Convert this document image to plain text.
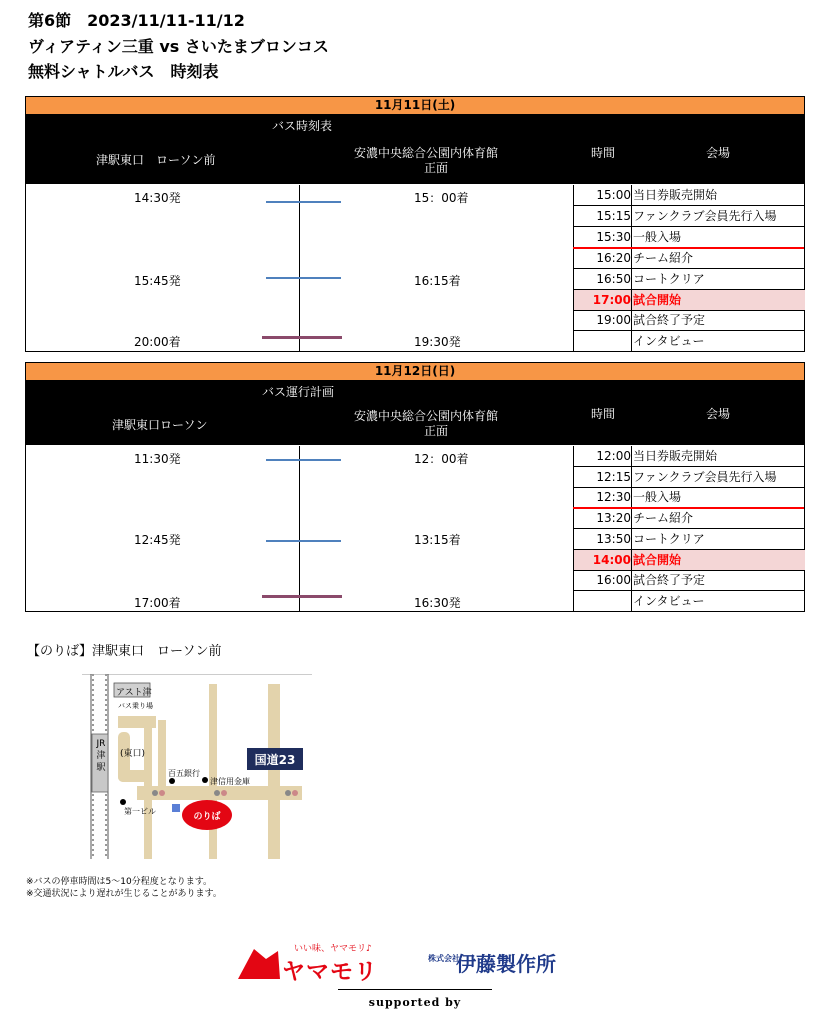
第6節　2023/11/11-11/12
ヴィアティン三重 vs さいたまブロンコス
無料シャトルバス　時刻表
11月11日(土)
バス時刻表
津駅東口　ローソン前	安濃中央総合公園内体育館
正面
時間	会場
14:30発	15：00着
15:45発	16:15着
20:00着	19:30発
15:00 当日券販売開始
15:15 ファンクラブ会員先行入場
15:30 一般入場
16:20 チーム紹介
16:50 コートクリア
17:00 試合開始
19:00 試合終了予定
インタビュー
11月12日(日)
バス運行計画
津駅東口ローソン
安濃中央総合公園内体育館
正面
時間	会場
11:30発	12：00着
12:45発	13:15着
17:00着	16:30発
12:00 当日券販売開始
12:15 ファンクラブ会員先行入場
12:30 一般入場
13:20 チーム紹介
13:50 コートクリア
14:00 試合開始
16:00 試合終了予定
インタビュー
【のりば】津駅東口　ローソン前
アスト津
バス乗り場
JR
津
駅
(東口)
百五銀行
津信用金庫
第一ビル
国道23
のりば
※バスの停車時間は5～10分程度となります。
※交通状況により遅れが生じることがあります。
いい味、ヤマモリ♪
ヤマモリ
株式会社
伊藤製作所
supported by
